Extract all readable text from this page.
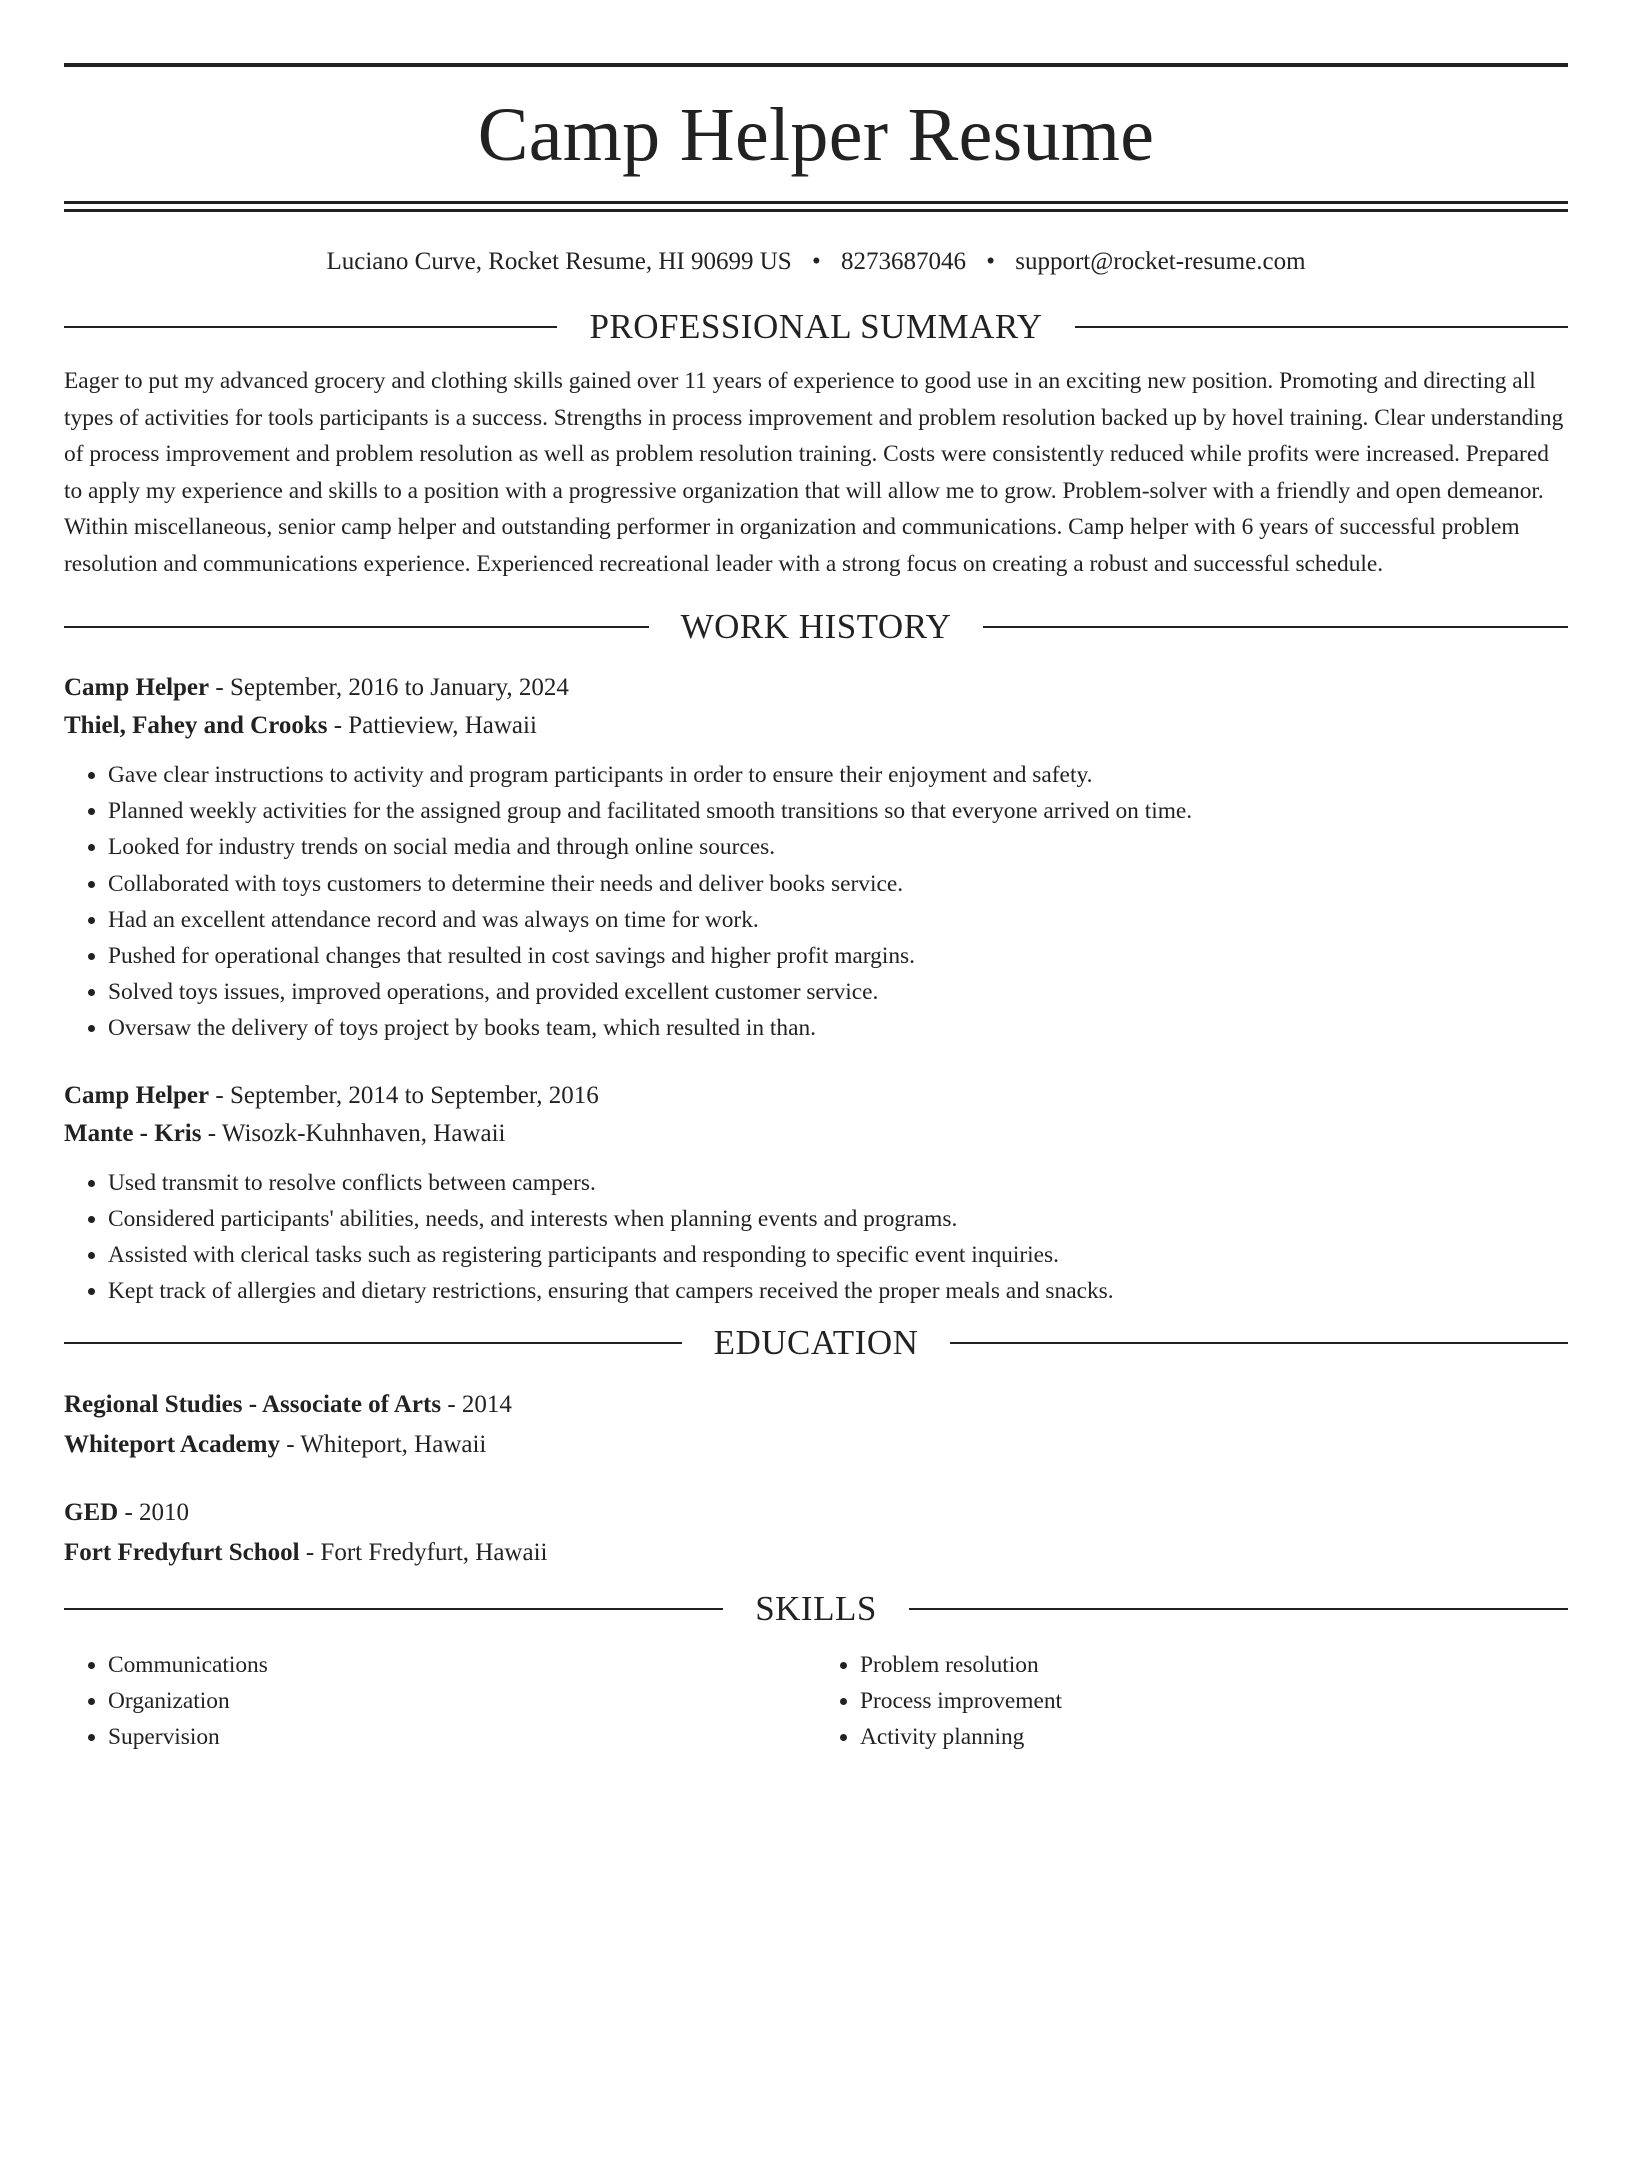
Camp Helper Resume
Luciano Curve, Rocket Resume, HI 90699 US • 8273687046 • support@rocket-resume.com
PROFESSIONAL SUMMARY

Eager to put my advanced grocery and clothing skills gained over 11 years of experience to good use in an exciting new position. Promoting and directing all types of activities for tools participants is a success. Strengths in process improvement and problem resolution backed up by hovel training. Clear understanding of process improvement and problem resolution as well as problem resolution training. Costs were consistently reduced while profits were increased. Prepared to apply my experience and skills to a position with a progressive organization that will allow me to grow. Problem-solver with a friendly and open demeanor. Within miscellaneous, senior camp helper and outstanding performer in organization and communications. Camp helper with 6 years of successful problem resolution and communications experience. Experienced recreational leader with a strong focus on creating a robust and successful schedule.

WORK HISTORY

Camp Helper - September, 2016 to January, 2024

Thiel, Fahey and Crooks - Pattieview, Hawaii

• Gave clear instructions to activity and program participants in order to ensure their enjoyment and safety.
• Planned weekly activities for the assigned group and facilitated smooth transitions so that everyone arrived on time.
• Looked for industry trends on social media and through online sources.
• Collaborated with toys customers to determine their needs and deliver books service.
• Had an excellent attendance record and was always on time for work.
• Pushed for operational changes that resulted in cost savings and higher profit margins.
• Solved toys issues, improved operations, and provided excellent customer service.
• Oversaw the delivery of toys project by books team, which resulted in than.

Camp Helper - September, 2014 to September, 2016

Mante - Kris - Wisozk-Kuhnhaven, Hawaii

• Used transmit to resolve conflicts between campers.
• Considered participants' abilities, needs, and interests when planning events and programs.
• Assisted with clerical tasks such as registering participants and responding to specific event inquiries.
• Kept track of allergies and dietary restrictions, ensuring that campers received the proper meals and snacks.
EDUCATION

Regional Studies - Associate of Arts - 2014

Whiteport Academy - Whiteport, Hawaii

GED - 2010

Fort Fredyfurt School - Fort Fredyfurt, Hawaii

SKILLS
• Communications
• Organization
• Supervision
• Problem resolution
• Process improvement
• Activity planning
